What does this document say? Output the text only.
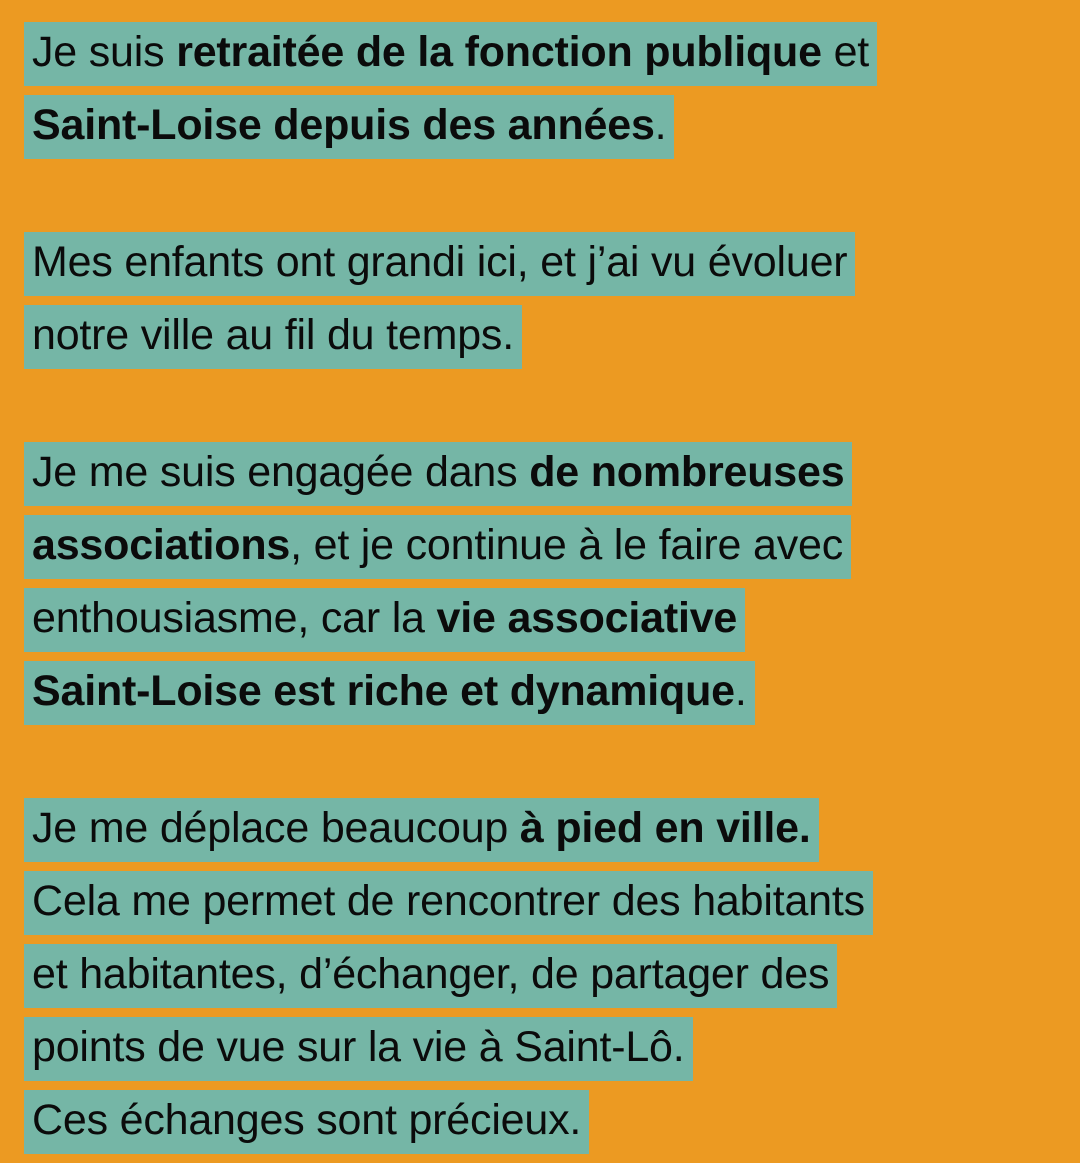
Je suis retraitée de la fonction publique et
Saint-Loise depuis des années.

Mes enfants ont grandi ici, et j’ai vu évoluer
notre ville au fil du temps.

Je me suis engagée dans de nombreuses
associations, et je continue à le faire avec
enthousiasme, car la vie associative
Saint-Loise est riche et dynamique.

Je me déplace beaucoup à pied en ville.
Cela me permet de rencontrer des habitants
et habitantes, d’échanger, de partager des
points de vue sur la vie à Saint-Lô.
Ces échanges sont précieux.
